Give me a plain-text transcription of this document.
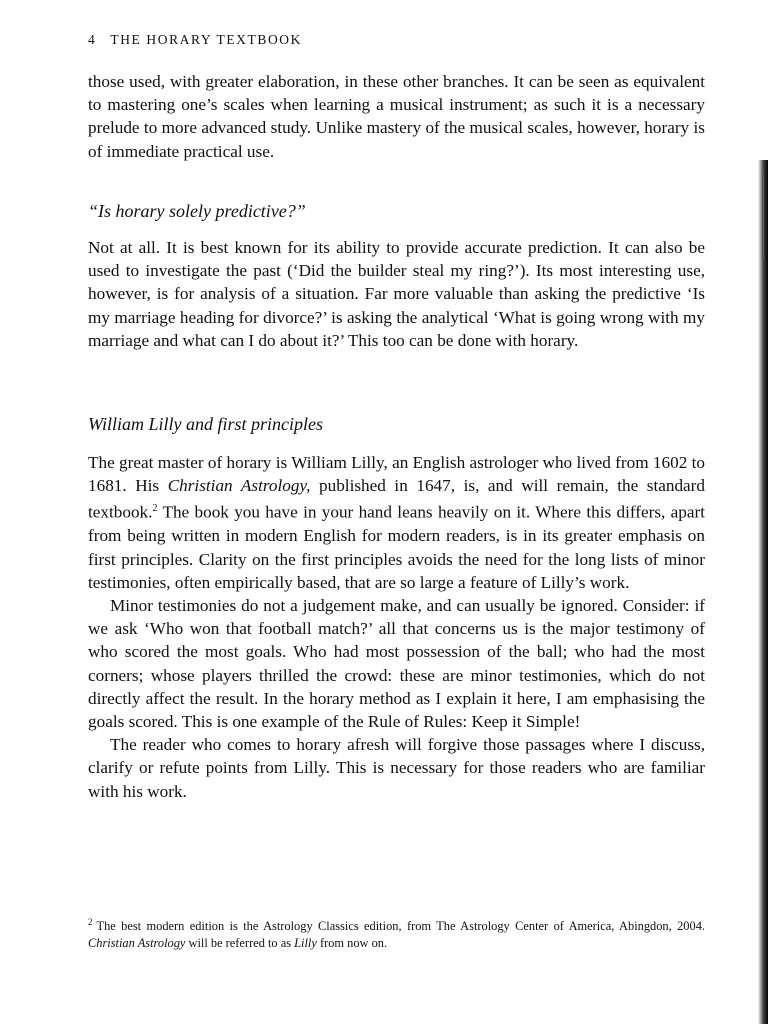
4 THE HORARY TEXTBOOK

those used, with greater elaboration, in these other branches. It can be seen as equivalent to mastering one’s scales when learning a musical instrument; as such it is a necessary prelude to more advanced study. Unlike mastery of the musical scales, however, horary is of immediate practical use.

“Is horary solely predictive?”

Not at all. It is best known for its ability to provide accurate prediction. It can also be used to investigate the past (‘Did the builder steal my ring?’). Its most interesting use, however, is for analysis of a situation. Far more valuable than asking the predictive ‘Is my marriage heading for divorce?’ is asking the analytical ‘What is going wrong with my marriage and what can I do about it?’ This too can be done with horary.

William Lilly and first principles

The great master of horary is William Lilly, an English astrologer who lived from 1602 to 1681. His Christian Astrology, published in 1647, is, and will remain, the standard textbook.$^2$ The book you have in your hand leans heavily on it. Where this differs, apart from being written in modern English for modern readers, is in its greater emphasis on first principles. Clarity on the first principles avoids the need for the long lists of minor testimonies, often empirically based, that are so large a feature of Lilly’s work.

Minor testimonies do not a judgement make, and can usually be ignored. Consider: if we ask ‘Who won that football match?’ all that concerns us is the major testimony of who scored the most goals. Who had most possession of the ball; who had the most corners; whose players thrilled the crowd: these are minor testimonies, which do not directly affect the result. In the horary method as I explain it here, I am emphasising the goals scored. This is one example of the Rule of Rules: Keep it Simple!

The reader who comes to horary afresh will forgive those passages where I discuss, clarify or refute points from Lilly. This is necessary for those readers who are familiar with his work.

$^2$ The best modern edition is the Astrology Classics edition, from The Astrology Center of America, Abingdon, 2004. Christian Astrology will be referred to as Lilly from now on.
